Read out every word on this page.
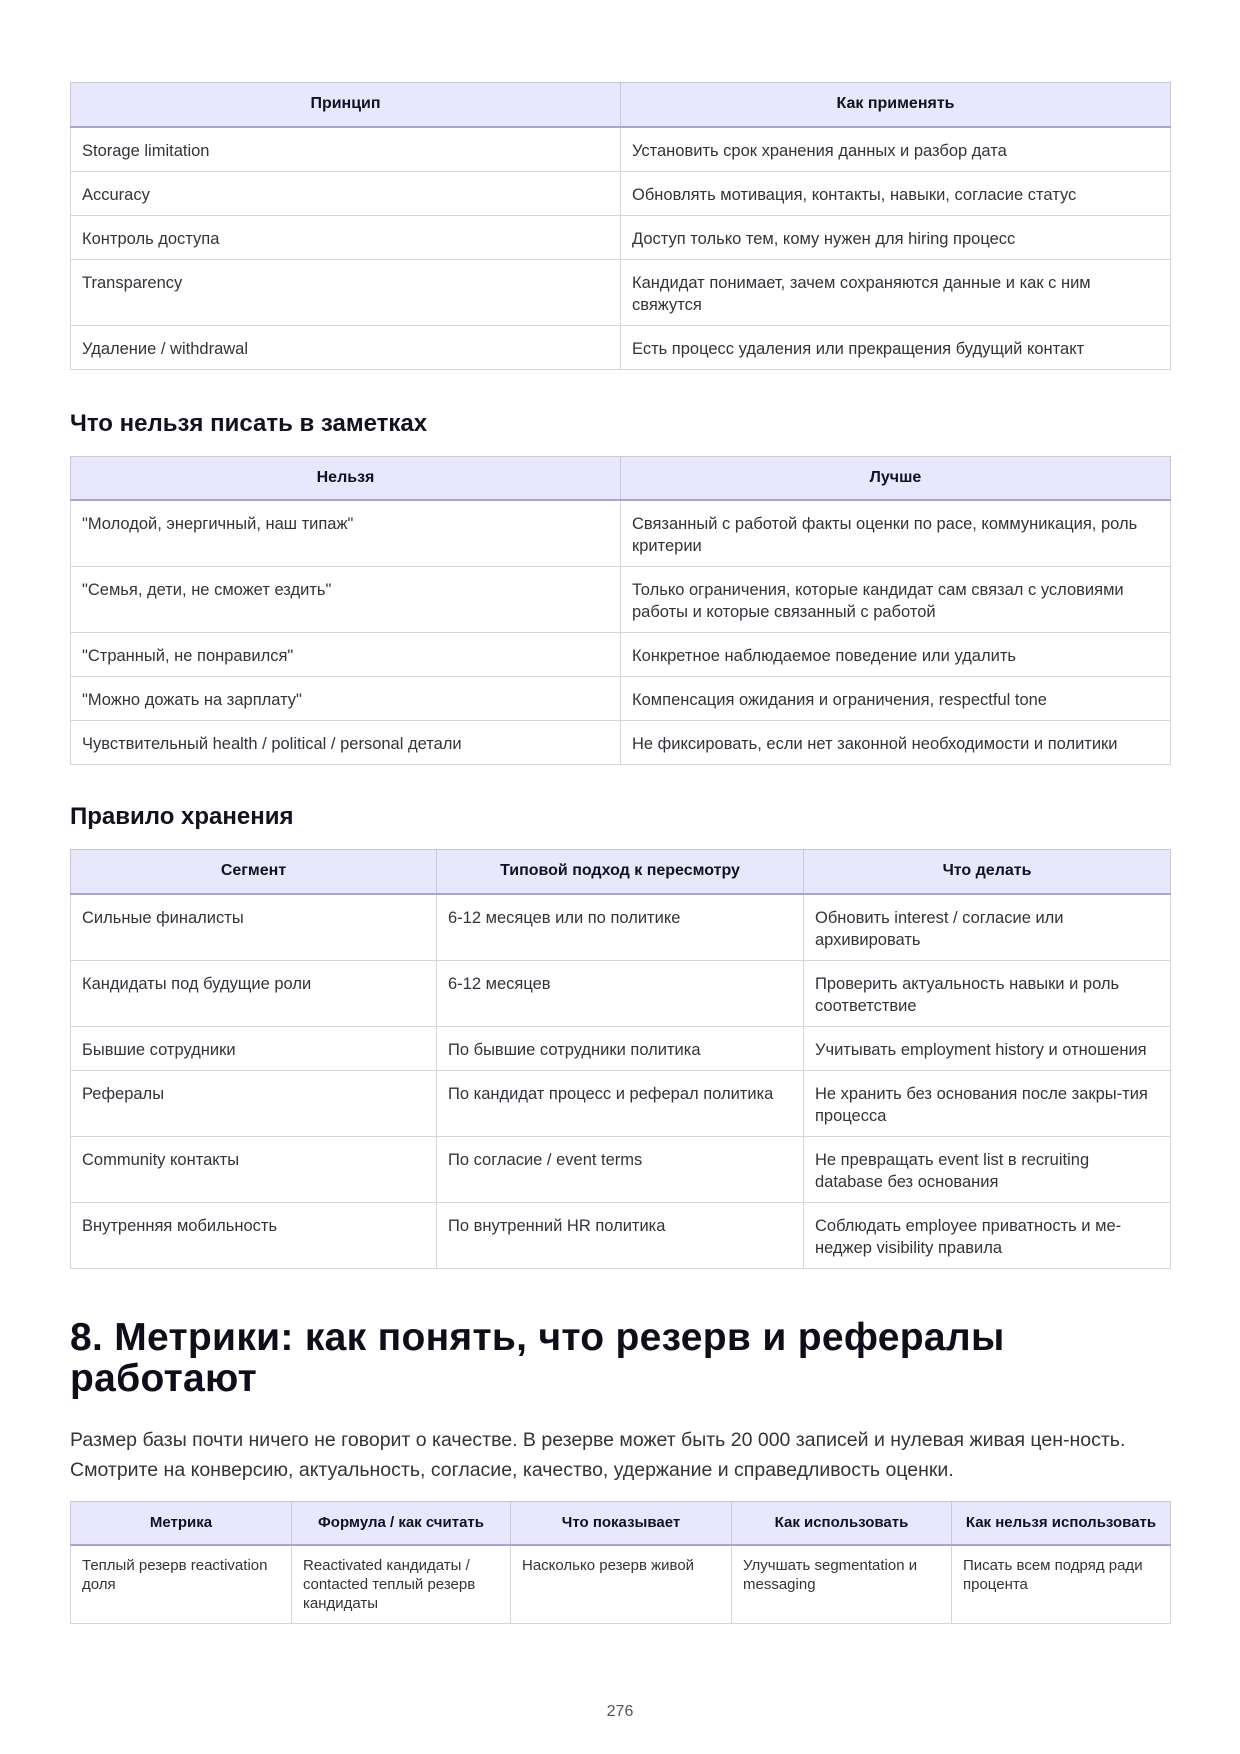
Принцип	Как применять
Storage limitation	Установить срок хранения данных и разбор дата
Accuracy	Обновлять мотивация, контакты, навыки, согласие статус
Контроль доступа	Доступ только тем, кому нужен для hiring процесс
Transparency	Кандидат понимает, зачем сохраняются данные и как с ним свяжутся
Удаление / withdrawal	Есть процесс удаления или прекращения будущий контакт
Что нельзя писать в заметках
Нельзя	Лучше
"Молодой, энергичный, наш типаж"	Связанный с работой факты оценки по расе, коммуникация, роль критерии
"Семья, дети, не сможет ездить"	Только ограничения, которые кандидат сам связал с условиями работы и которые связанный с работой
"Странный, не понравился"	Конкретное наблюдаемое поведение или удалить
"Можно дожать на зарплату"	Компенсация ожидания и ограничения, respectful tone
Чувствительный health / political / personal детали	Не фиксировать, если нет законной необходимости и политики
Правило хранения
Сегмент	Типовой подход к пересмотру	Что делать
Сильные финалисты	6-12 месяцев или по политике	Обновить interest / согласие или архивировать
Кандидаты под будущие роли	6-12 месяцев	Проверить актуальность навыки и роль соответствие
Бывшие сотрудники	По бывшие сотрудники политика	Учитывать employment history и отношения
Рефералы	По кандидат процесс и реферал политика	Не хранить без основания после закры-тия процесса
Community контакты	По согласие / event terms	Не превращать event list в recruiting database без основания
Внутренняя мобильность	По внутренний HR политика	Соблюдать employee приватность и ме-неджер visibility правила
8. Метрики: как понять, что резерв и рефералы работают

Размер базы почти ничего не говорит о качестве. В резерве может быть 20 000 записей и нулевая живая цен-ность. Смотрите на конверсию, актуальность, согласие, качество, удержание и справедливость оценки.

Метрика	Формула / как считать	Что показывает	Как использовать	Как нельзя использовать
Теплый резерв reactivation доля	Reactivated кандидаты / contacted теплый резерв кандидаты	Насколько резерв живой	Улучшать segmentation и messaging	Писать всем подряд ради процента
276
